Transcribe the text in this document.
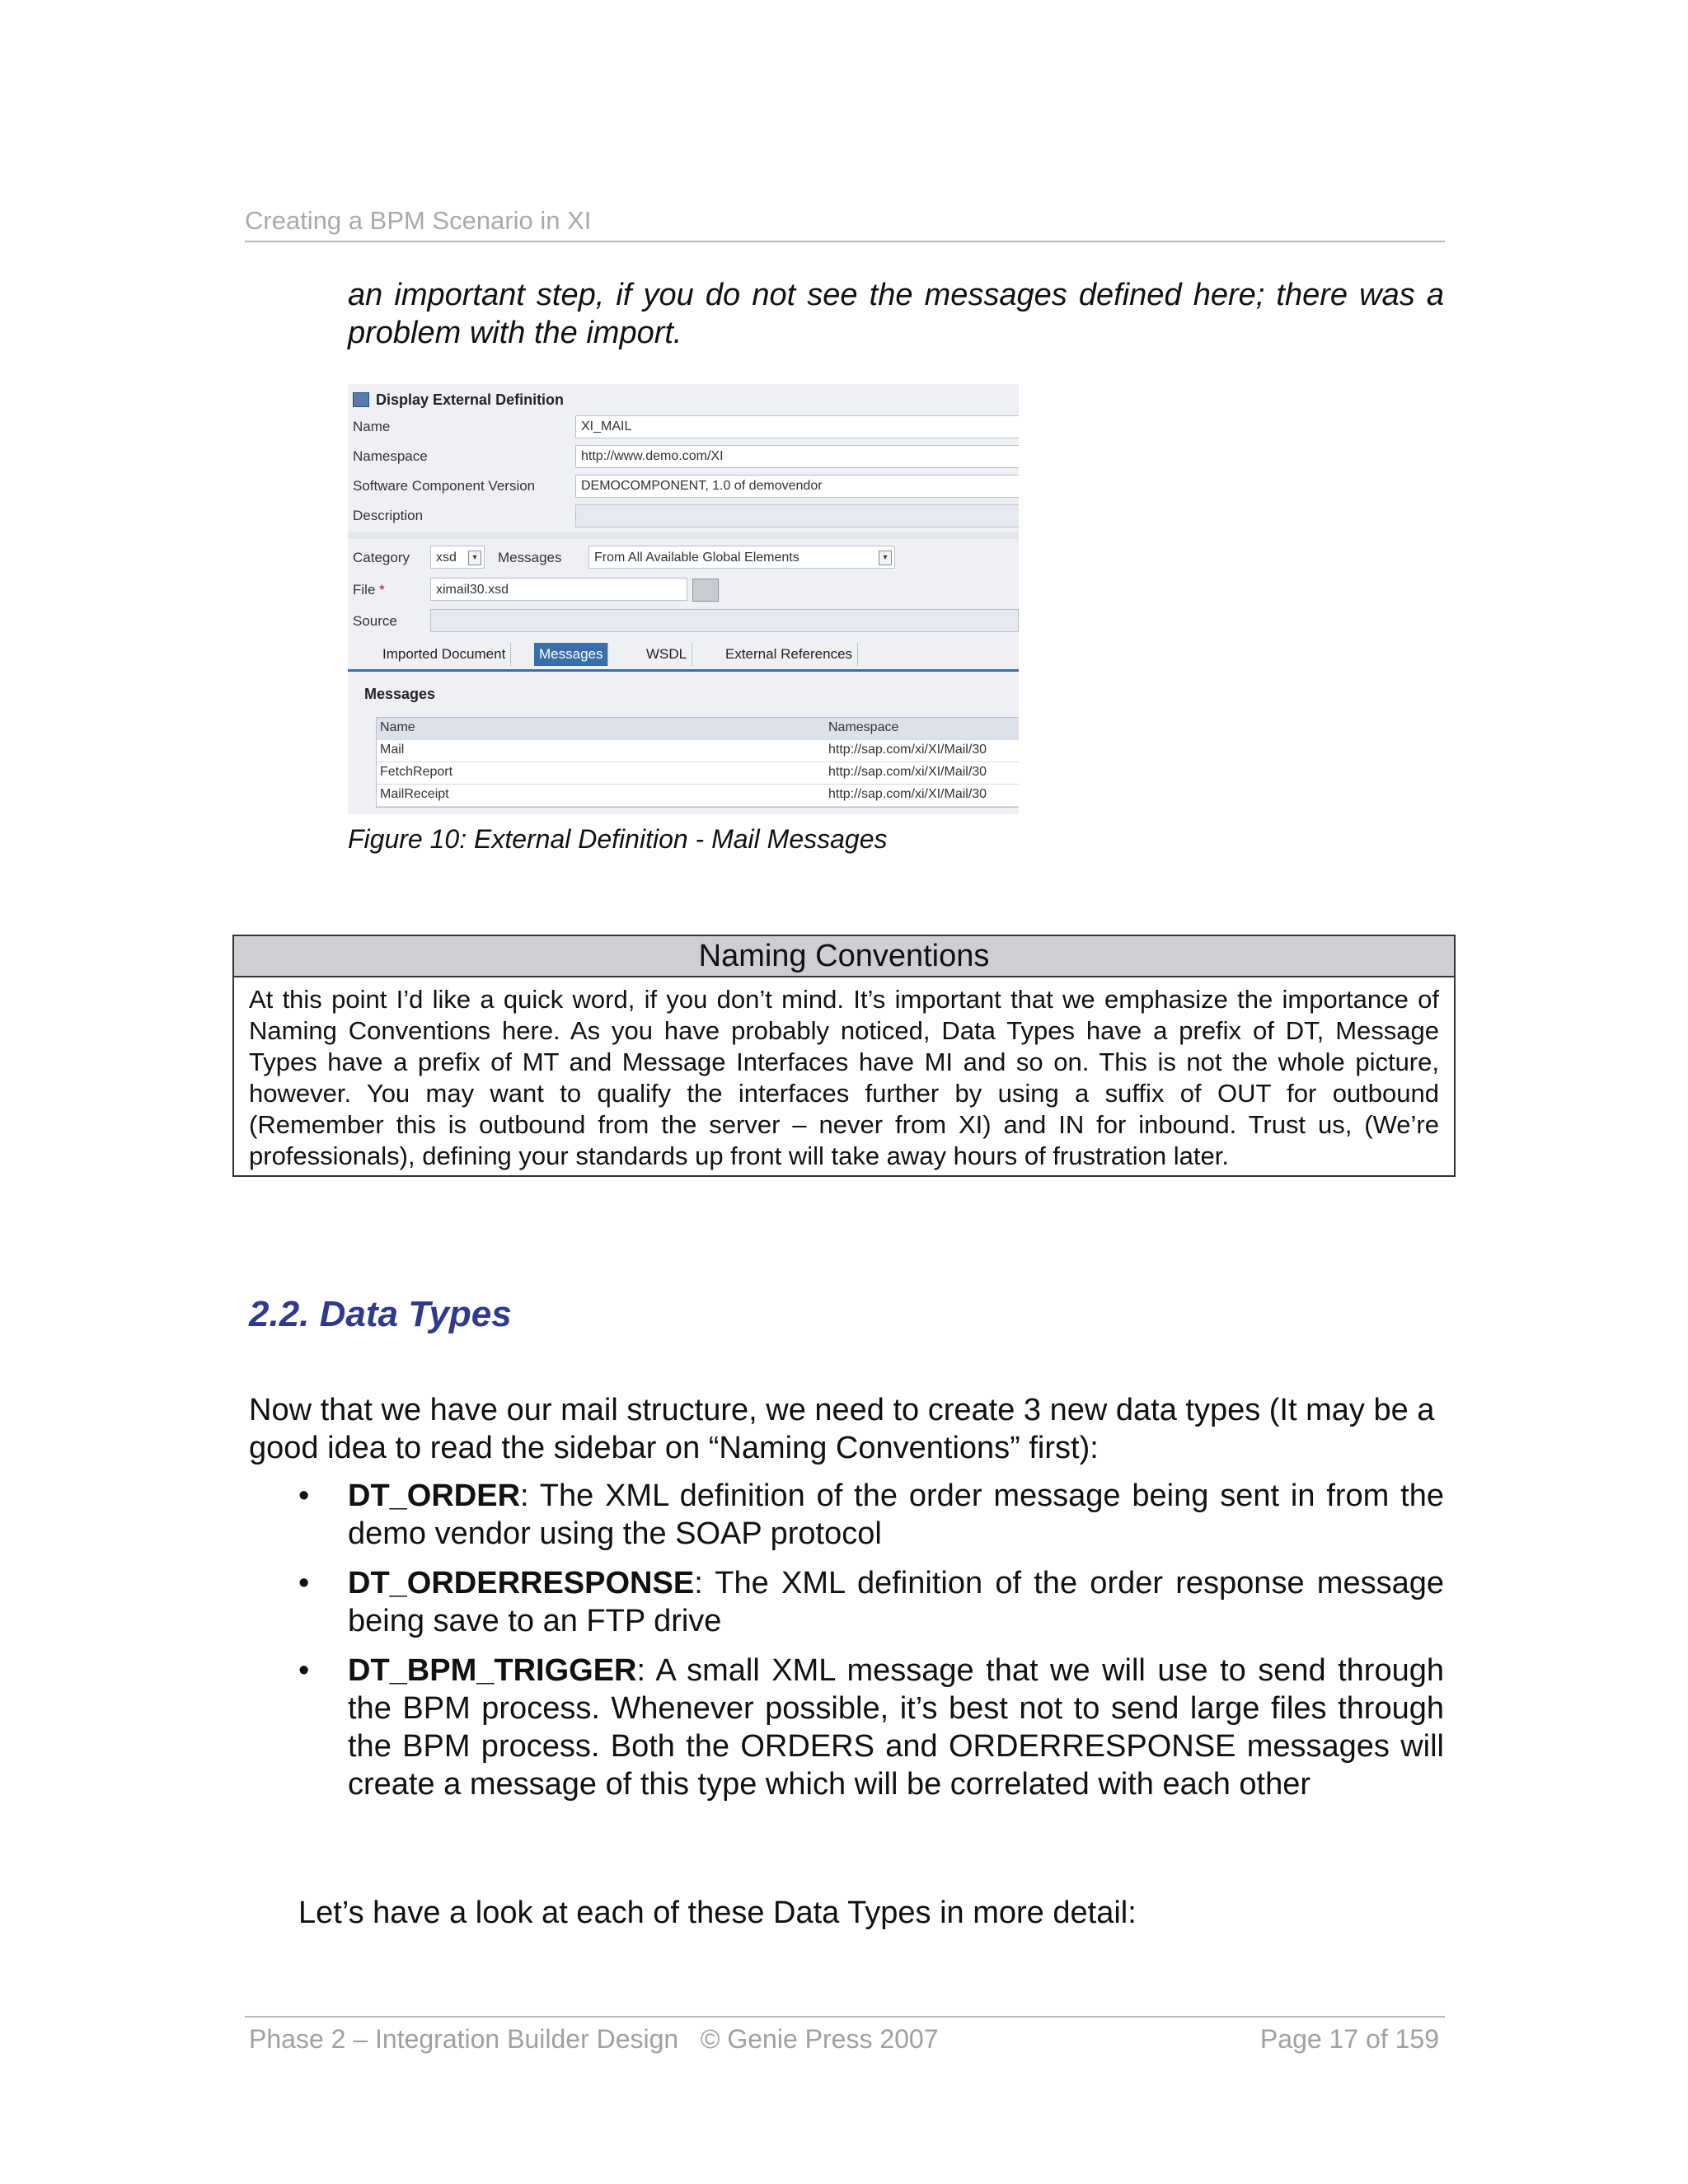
Creating a BPM Scenario in XI
an important step, if you do not see the messages defined here; there was a problem with the import.
Display External Definition
Name	XI_MAIL
Namespace	http://www.demo.com/XI
Software Component Version	DEMOCOMPONENT, 1.0 of demovendor
Description
Category	xsd	▾	Messages	From All Available Global Elements	▾
File *	ximail30.xsd
Source
Imported Document	Messages	WSDL	External References
Messages
Name	Namespace
Mail	http://sap.com/xi/XI/Mail/30
FetchReport	http://sap.com/xi/XI/Mail/30
MailReceipt	http://sap.com/xi/XI/Mail/30
Figure 10: External Definition - Mail Messages
Naming Conventions
At this point I’d like a quick word, if you don’t mind. It’s important that we emphasize the importance of Naming Conventions here. As you have probably noticed, Data Types have a prefix of DT, Message Types have a prefix of MT and Message Interfaces have MI and so on. This is not the whole picture, however. You may want to qualify the interfaces further by using a suffix of OUT for outbound (Remember this is outbound from the server – never from XI) and IN for inbound. Trust us, (We’re professionals), defining your standards up front will take away hours of frustration later.
2.2. Data Types
Now that we have our mail structure, we need to create 3 new data types (It may be a good idea to read the sidebar on “Naming Conventions” first):
• DT_ORDER: The XML definition of the order message being sent in from the demo vendor using the SOAP protocol
• DT_ORDERRESPONSE: The XML definition of the order response message being save to an FTP drive
• DT_BPM_TRIGGER: A small XML message that we will use to send through the BPM process. Whenever possible, it’s best not to send large files through the BPM process. Both the ORDERS and ORDERRESPONSE messages will create a message of this type which will be correlated with each other
Let’s have a look at each of these Data Types in more detail:
Phase 2 – Integration Builder Design   © Genie Press 2007	Page 17 of 159
